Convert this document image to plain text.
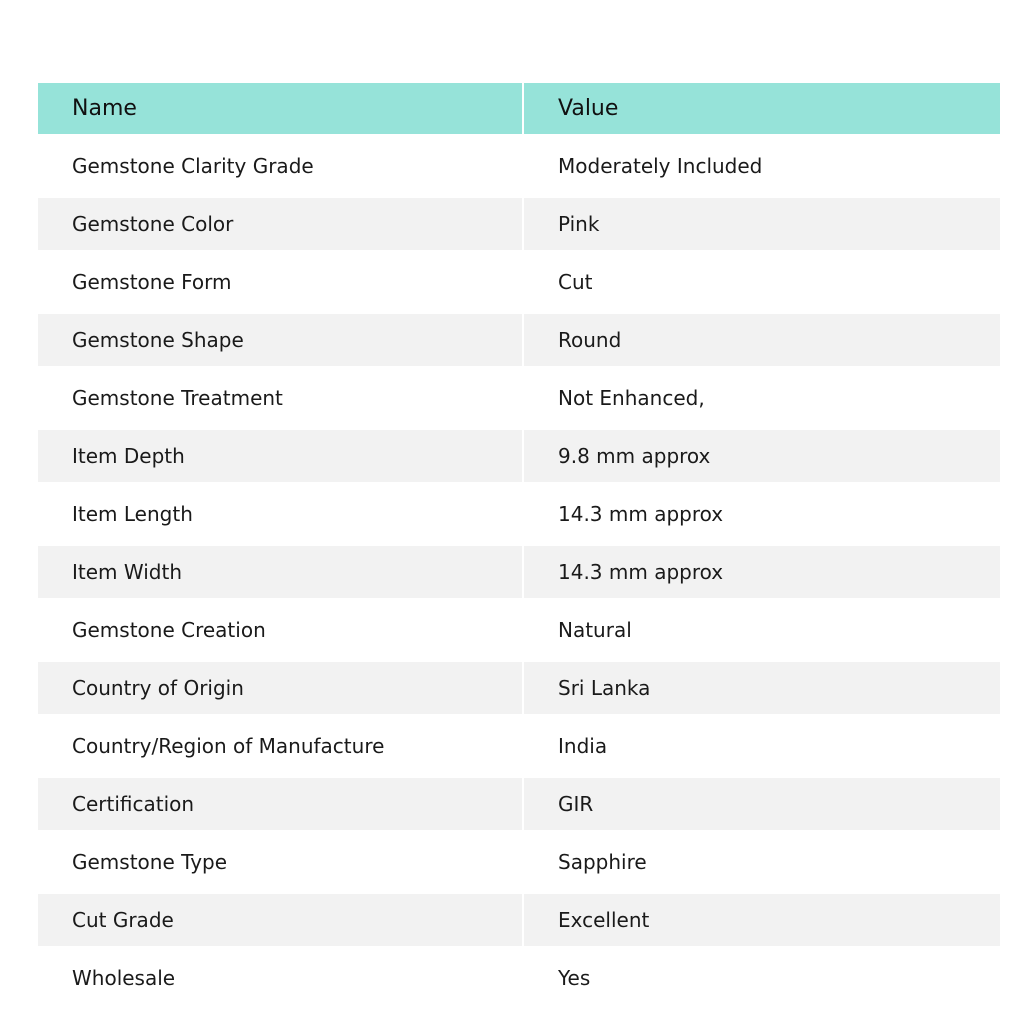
Name	Value
Gemstone Clarity Grade	Moderately Included
Gemstone Color	Pink
Gemstone Form	Cut
Gemstone Shape	Round
Gemstone Treatment	Not Enhanced,
Item Depth	9.8 mm approx
Item Length	14.3 mm approx
Item Width	14.3 mm approx
Gemstone Creation	Natural
Country of Origin	Sri Lanka
Country/Region of Manufacture	India
Certification	GIR
Gemstone Type	Sapphire
Cut Grade	Excellent
Wholesale	Yes
